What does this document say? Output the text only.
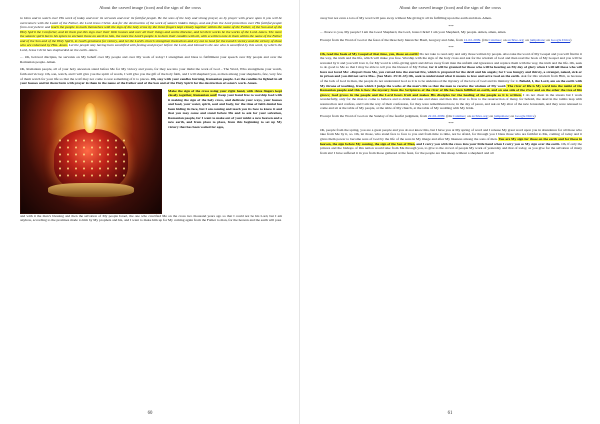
About the carved image (icon) and the sign of the cross

to bless and to watch over His work of today and over its servants and over its faithful people. Be the sons of the holy and strong prayer, as by prayer with grace upon it you will be overcomers with the Lamb of the Father, the Lord Jesus Christ. Ask for the destruction of the work of satan’s hidden things, and ask from the Lord protection over His faithful people from everywhere and teach the people to mark themselves with the sign of the holy cross by the three fingers kept closely together within the name of the Father, of the Son and of the Holy Spirit the Comforter, and let them put this sign over their little houses and over all their things and works likewise, and let their works be the works of the Lord. Amen. The more the satanic spirit burns his spices to enchant those on earth to him, the more the Lord’s people is to burn their candles with oil, with a written note in them within the name of the Father and of the Son and of the Holy Spirit, in God’s greatness for victory, and let the Lord’s church strengthen themselves and cry out to God for the Lamb’s victory and the victory of those who are redeemed by Him. Amen. Let the people stay having been sanctified with fasting and prayer before the Lord, and blessed is the one who is sanctified by this word, by which the Lord, Jesus Christ has shepherded on the earth. Amen.

… Oh, beloved disciples, be servants on My behalf over My people and over My work of today! I strengthen and bless to fulfillment your speech over My people and over the Romanian people. Amen.

Oh, Romanian people, all of your holy ancestors stand before Me for My victory and yours, for they see into your midst the work of God – The Word, Who strengthens your watch, faith and victory. Oh, son, watch, and I will give you the spirit of words, I will give you the gift of the holy faith, and I will shepherd you, as then among your shepherds, few, very few of them watch for your life so that the wolf may not come to tear something of it to pieces. Oh, stay with your candles burning, Romanian people. Let the candles be lighted in all your houses and let them burn with prayer in them in the name of the Father and of the Son and of the Holy Spirit for the destruction of satan’s work. Amen.

Make the sign of the cross using your right hand, with three fingers kept closely together, Romanian soul! Keep your hand free to worship God with it making the sign of the holy cross, and dedicate your ways, your houses and food, your water, spirit, soul and body, for the time of faith denial has been hiding its face, but I am coming and teach you its face to know it and that you may come and stand before Me and to ask for your salvation, Romanian people, for I want to make out of your midst a new heaven and a new earth, and from place to place, from this beginning to set up My victory that has been waited for ages,

and with it the man’s blessing and then the salvation of My people Israel, the one who crucified Me on the cross two thousand years ago so that I could not be his Lord, but I am anyhow, according to the promises made to him by My prophets and his, and I want to make him up for My coming again from the Father to man, for the heaven and the earth will pass

60
About the carved image (icon) and the sign of the cross

away but not even a iota of My word will pass away without Me giving it all its fulfilling upon the earth and man. Amen.

***

… Peace to you, My people! I am the Good Shepherd, the Lord, Jesus Christ! I am your Shepherd, My people. Amen, amen, amen.

Excerpt from the Word of God at the feast of the three holy hierarchs: Basil, Gregory and John, from 12-02-2009. (On Calameo; on archive.org; on jumpshare; on Google Drive)

***

Oh, read the book of My Gospel of that time, you, those on earth! Do not take to read only and only those written by people. Also take the word of My Gospel and you will find in it the way, the truth and the life, which will make you free. Worship with the sign of the holy cross and ask for the wisdom of God and then read the book of My Gospel and you will be revealed by it and you will love it, for My word is a life-giving spirit and drives away from man the unfaith and ignorance and replace them with the way, the truth and the life. Oh, seek to do good to Me so that I may be able to tell you the blessed of My Father, for it will be granted for those who will be hearing on My day of glory when I will tell those who will have not loved Me: «Depart from Me, you cursed into the eternal fire, which is prepared for the devil and his angels; for I was hungry and thirsty, a stranger, naked, sick or in prison and you did not serve Me». (See Matt. 25:41-43) Oh, seek to understand what it means to love and serve God on the earth. Ask for this wisdom from Him, as because of the lack of God in man, the people do not understand God as it is to be understood the mystery of the love of God and its ministry for it. Behold, I, the Lord, am on the earth with My throne of teaching, from which I judge the works of the man’s life so that the man to receive the wisdom of My word. The river of life is My word into the midst of the Romanian people and this is how the mystery from the Scriptures of the river of life has been fulfilled on earth, and on one side of the river and on the other the tree of life grows; God grows in the people and the Lord bears fruit and makes His disciples for the healing of the people as it is written. I do not cheat in the streets but I work wonderfully, only for the man to come to believe and to drink and take and share and then this river to flow to the resurrection of many, for behold, the dead in the tombs leap with resurrection and confess, and I am the way of their confession, for they were remembered now, in the day of peace, and ask on My altar of the new Jerusalem, and they were released to come and sit at the table of My people, at the table of My church, at the table of My wedding with My bride.

Excerpt from the Word of God on the Sunday of the fearful judgment, from 22-02-2009. (On Calameo; on archive.org; on jumpshare; on Google Drive)

***

Oh, people from the spring, you are a great people and you do not know this, but I have you at My spring of word and I release My great word upon you in abundance for all those who take from Me by it, so. Oh, let those, who stand face to face to you and from time to time, not be afraid, for through you I bless those who are faithful to Me, coming of today and it gives them power to become sons of God by the life of the sons in My image and after My likeness among the sons of men. You are My sign for those on the earth and for those in heaven, the sign before My coming, the sign of the Son of Man, and I carry you with the cross into your little hand when I carry you as My sign over the earth. Oh, if only the princes and the bishops of this nation would take from Me through you, to give to the crowd of people My work of yesterday and that of today, as you give for the salvation of many from sin! I have suffered it in you from those gathered at the feast, for the people are like sheep without a shepherd and all

61
